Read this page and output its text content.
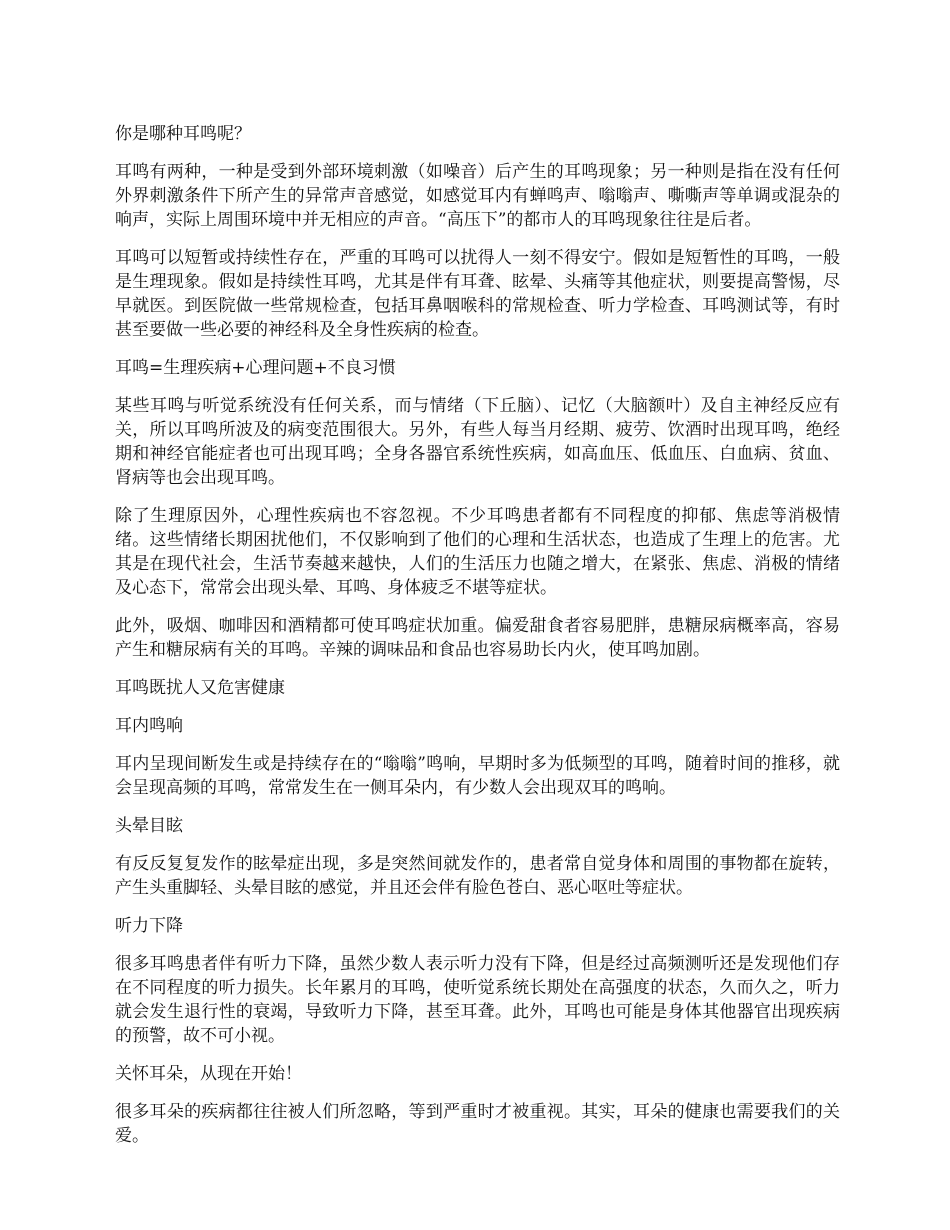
你是哪种耳鸣呢？

耳鸣有两种，一种是受到外部环境刺激（如噪音）后产生的耳鸣现象；另一种则是指在没有任何外界刺激条件下所产生的异常声音感觉，如感觉耳内有蝉鸣声、嗡嗡声、嘶嘶声等单调或混杂的响声，实际上周围环境中并无相应的声音。“高压下”的都市人的耳鸣现象往往是后者。

耳鸣可以短暂或持续性存在，严重的耳鸣可以扰得人一刻不得安宁。假如是短暂性的耳鸣，一般是生理现象。假如是持续性耳鸣，尤其是伴有耳聋、眩晕、头痛等其他症状，则要提高警惕，尽早就医。到医院做一些常规检查，包括耳鼻咽喉科的常规检查、听力学检查、耳鸣测试等，有时甚至要做一些必要的神经科及全身性疾病的检查。

耳鸣=生理疾病+心理问题+不良习惯

某些耳鸣与听觉系统没有任何关系，而与情绪（下丘脑）、记忆（大脑额叶）及自主神经反应有关，所以耳鸣所波及的病变范围很大。另外，有些人每当月经期、疲劳、饮酒时出现耳鸣，绝经期和神经官能症者也可出现耳鸣；全身各器官系统性疾病，如高血压、低血压、白血病、贫血、肾病等也会出现耳鸣。

除了生理原因外，心理性疾病也不容忽视。不少耳鸣患者都有不同程度的抑郁、焦虑等消极情绪。这些情绪长期困扰他们，不仅影响到了他们的心理和生活状态，也造成了生理上的危害。尤其是在现代社会，生活节奏越来越快，人们的生活压力也随之增大，在紧张、焦虑、消极的情绪及心态下，常常会出现头晕、耳鸣、身体疲乏不堪等症状。

此外，吸烟、咖啡因和酒精都可使耳鸣症状加重。偏爱甜食者容易肥胖，患糖尿病概率高，容易产生和糖尿病有关的耳鸣。辛辣的调味品和食品也容易助长内火，使耳鸣加剧。

耳鸣既扰人又危害健康

耳内鸣响

耳内呈现间断发生或是持续存在的“嗡嗡”鸣响，早期时多为低频型的耳鸣，随着时间的推移，就会呈现高频的耳鸣，常常发生在一侧耳朵内，有少数人会出现双耳的鸣响。

头晕目眩

有反反复复发作的眩晕症出现，多是突然间就发作的，患者常自觉身体和周围的事物都在旋转，产生头重脚轻、头晕目眩的感觉，并且还会伴有脸色苍白、恶心呕吐等症状。

听力下降

很多耳鸣患者伴有听力下降，虽然少数人表示听力没有下降，但是经过高频测听还是发现他们存在不同程度的听力损失。长年累月的耳鸣，使听觉系统长期处在高强度的状态，久而久之，听力就会发生退行性的衰竭，导致听力下降，甚至耳聋。此外，耳鸣也可能是身体其他器官出现疾病的预警，故不可小视。

关怀耳朵，从现在开始！

很多耳朵的疾病都往往被人们所忽略，等到严重时才被重视。其实，耳朵的健康也需要我们的关爱。
